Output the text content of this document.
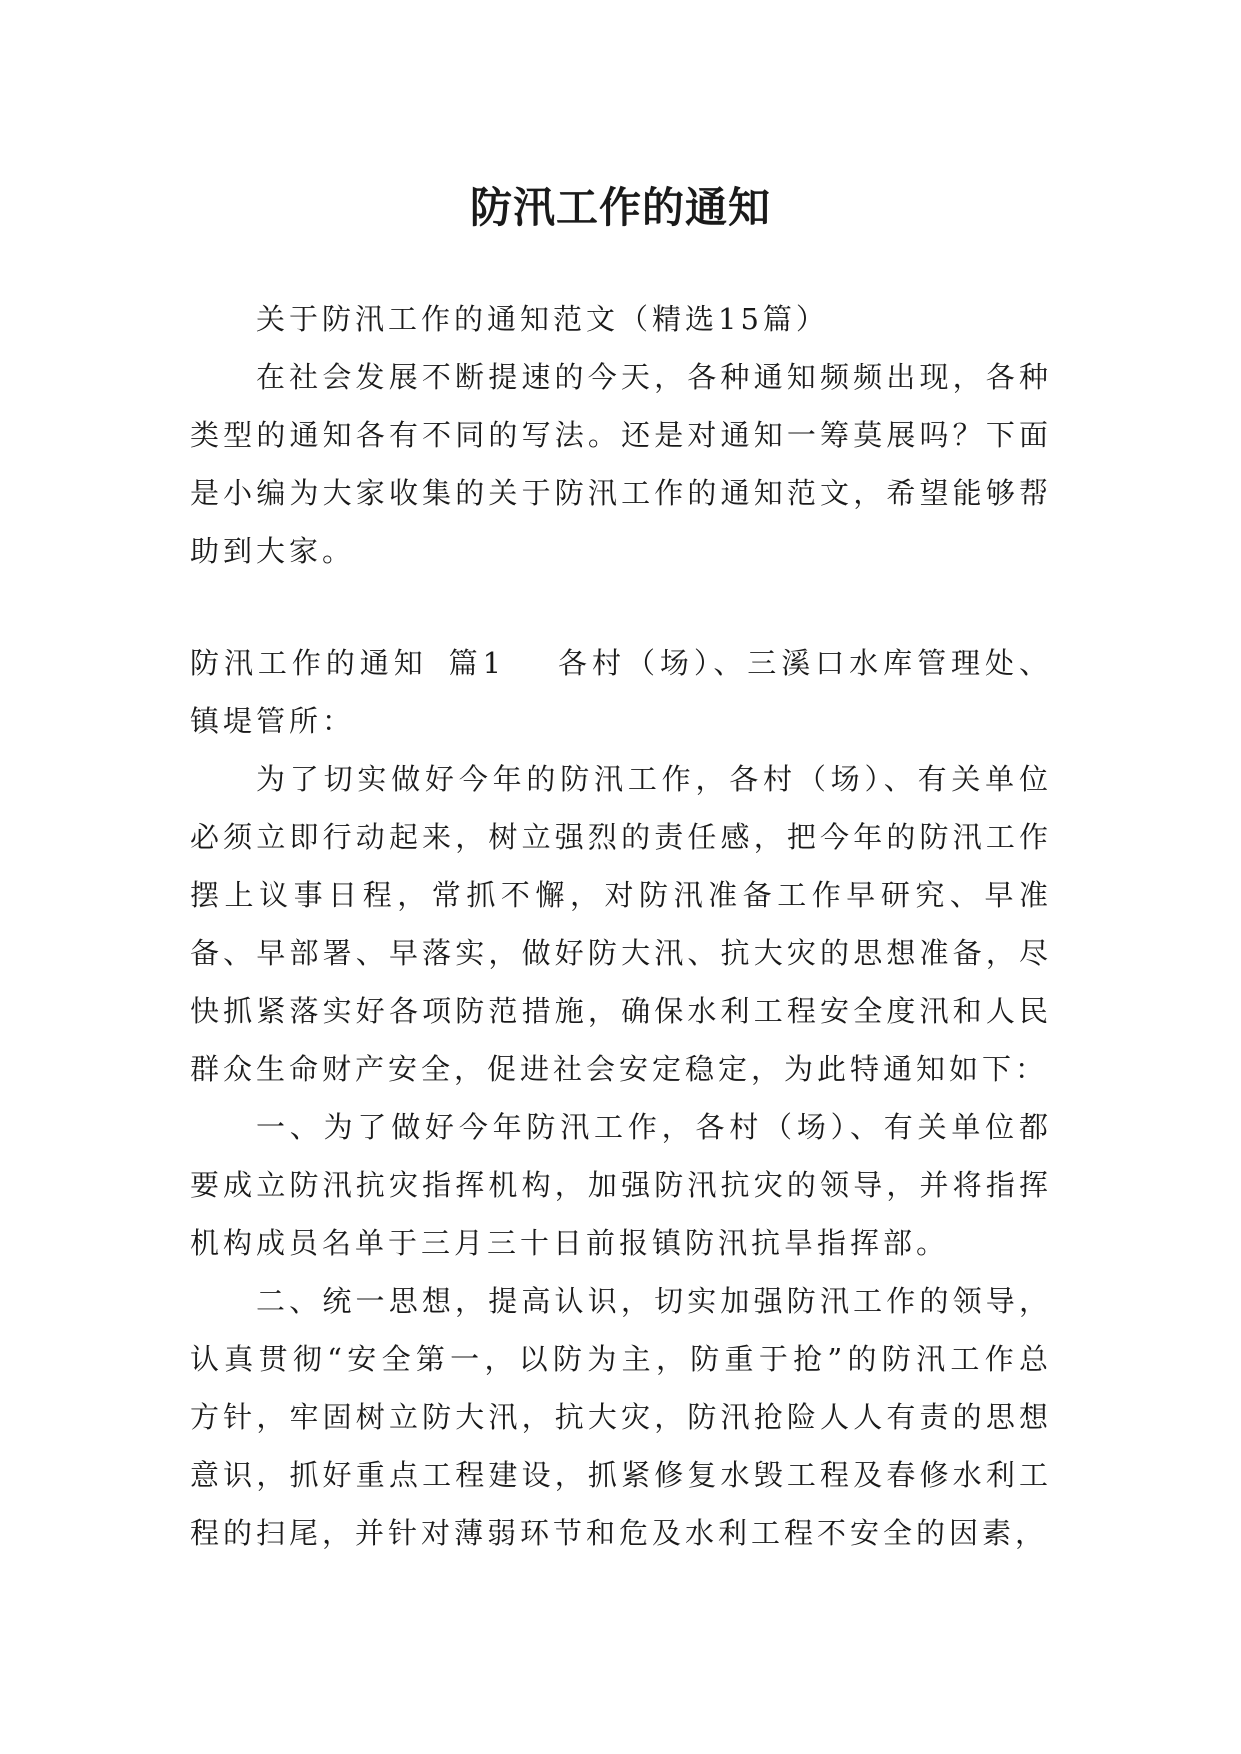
防汛工作的通知

关于防汛工作的通知范文（精选15篇）

在社会发展不断提速的今天，各种通知频频出现，各种类型的通知各有不同的写法。还是对通知一筹莫展吗？下面是小编为大家收集的关于防汛工作的通知范文，希望能够帮助到大家。

防汛工作的通知 篇1 各村（场）、三溪口水库管理处、镇堤管所：

为了切实做好今年的防汛工作，各村（场）、有关单位必须立即行动起来，树立强烈的责任感，把今年的防汛工作摆上议事日程，常抓不懈，对防汛准备工作早研究、早准备、早部署、早落实，做好防大汛、抗大灾的思想准备，尽快抓紧落实好各项防范措施，确保水利工程安全度汛和人民群众生命财产安全，促进社会安定稳定，为此特通知如下：

一、为了做好今年防汛工作，各村（场）、有关单位都要成立防汛抗灾指挥机构，加强防汛抗灾的领导，并将指挥机构成员名单于三月三十日前报镇防汛抗旱指挥部。

二、统一思想，提高认识，切实加强防汛工作的领导，认真贯彻“安全第一，以防为主，防重于抢”的防汛工作总方针，牢固树立防大汛，抗大灾，防汛抢险人人有责的思想意识，抓好重点工程建设，抓紧修复水毁工程及春修水利工程的扫尾，并针对薄弱环节和危及水利工程不安全的因素，
